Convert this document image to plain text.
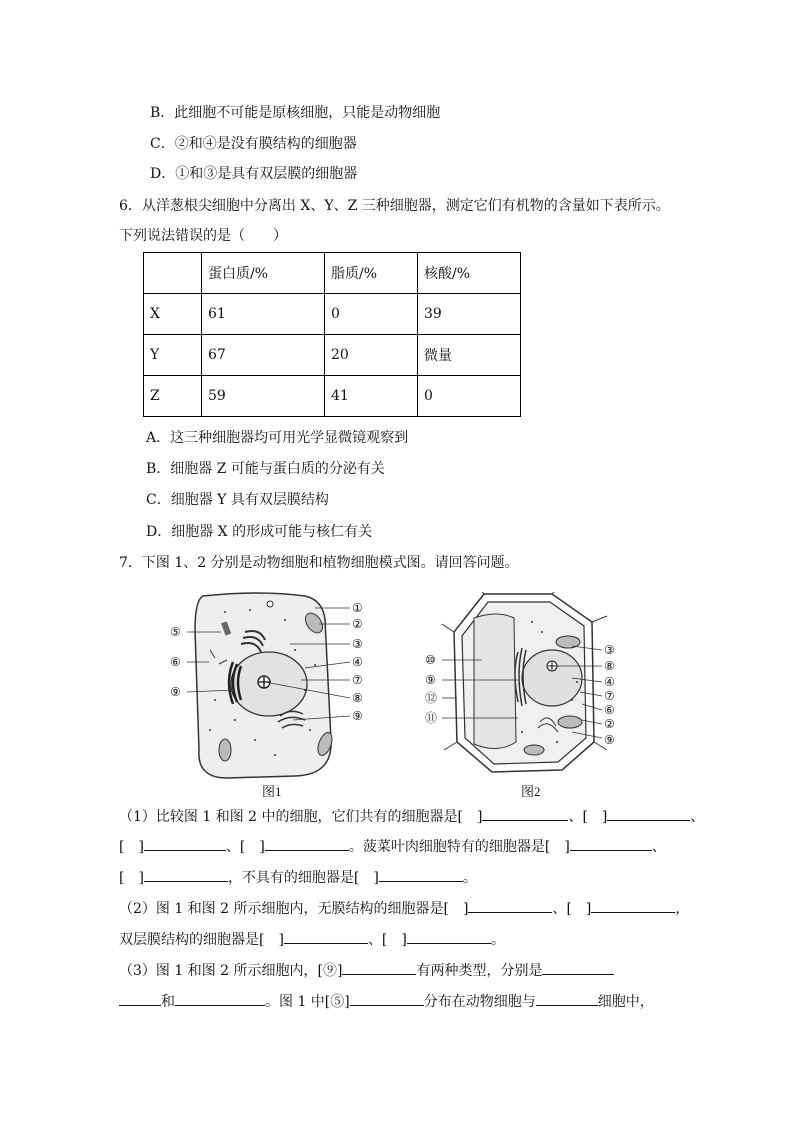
B．此细胞不可能是原核细胞，只能是动物细胞
C．②和④是没有膜结构的细胞器
D．①和③是具有双层膜的细胞器
6．从洋葱根尖细胞中分离出 X、Y、Z 三种细胞器，测定它们有机物的含量如下表所示。
下列说法错误的是（　　）
	蛋白质/%	脂质/%	核酸/%
X	61	0	39
Y	67	20	微量
Z	59	41	0
A．这三种细胞器均可用光学显微镜观察到
B．细胞器 Z 可能与蛋白质的分泌有关
C．细胞器 Y 具有双层膜结构
D．细胞器 X 的形成可能与核仁有关
7．下图 1、2 分别是动物细胞和植物细胞模式图。请回答问题。
①
②
③
④
⑦
⑧
⑨
⑤
⑥
⑨
图1
⑩
⑨
⑫
⑪
③
⑧
④
⑦
⑥
②
⑨
图2
（1）比较图 1 和图 2 中的细胞，它们共有的细胞器是[　]	、[　]	、
[　]	、[　]	。菠菜叶肉细胞特有的细胞器是[　]	、
[　]	，不具有的细胞器是[　]	。
（2）图 1 和图 2 所示细胞内，无膜结构的细胞器是[　]	、[　]	，
双层膜结构的细胞器是[　]	、[　]	。
（3）图 1 和图 2 所示细胞内，[⑨]	有两种类型，分别是
和	。图 1 中[⑤]	分布在动物细胞与	细胞中，
